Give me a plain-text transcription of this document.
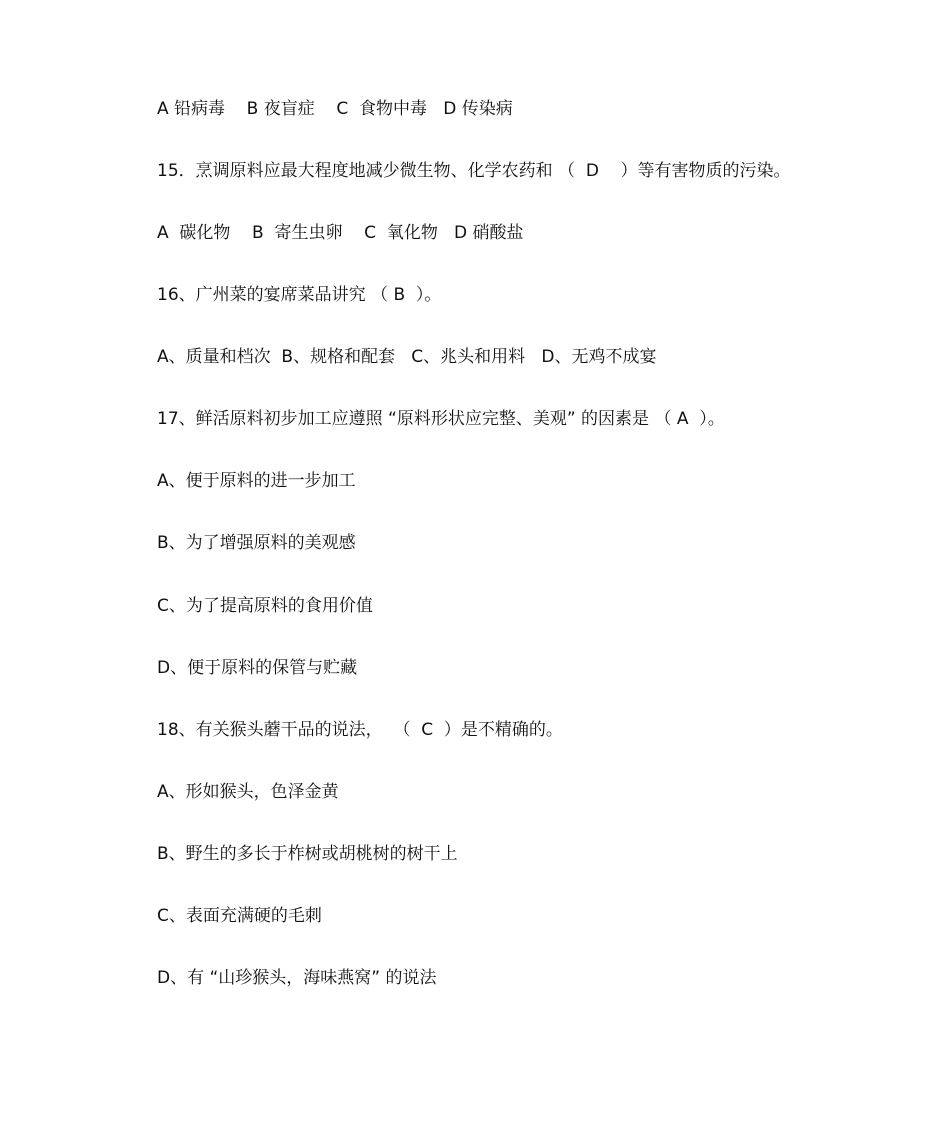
A 铅病毒    B 夜盲症    C  食物中毒   D 传染病
15．烹调原料应最大程度地减少微生物、化学农药和 （  D    ）等有害物质的污染。
A  碳化物    B  寄生虫卵    C  氧化物   D 硝酸盐
16、广州菜的宴席菜品讲究 （ B  ）。
A、质量和档次  B、规格和配套   C、兆头和用料   D、无鸡不成宴
17、鲜活原料初步加工应遵照 “原料形状应完整、美观” 的因素是 （ A  ）。
A、便于原料的进一步加工
B、为了增强原料的美观感
C、为了提高原料的食用价值
D、便于原料的保管与贮藏
18、有关猴头蘑干品的说法，  （  C  ）是不精确的。
A、形如猴头，色泽金黄
B、野生的多长于柞树或胡桃树的树干上
C、表面充满硬的毛刺
D、有 “山珍猴头，海味燕窝” 的说法
